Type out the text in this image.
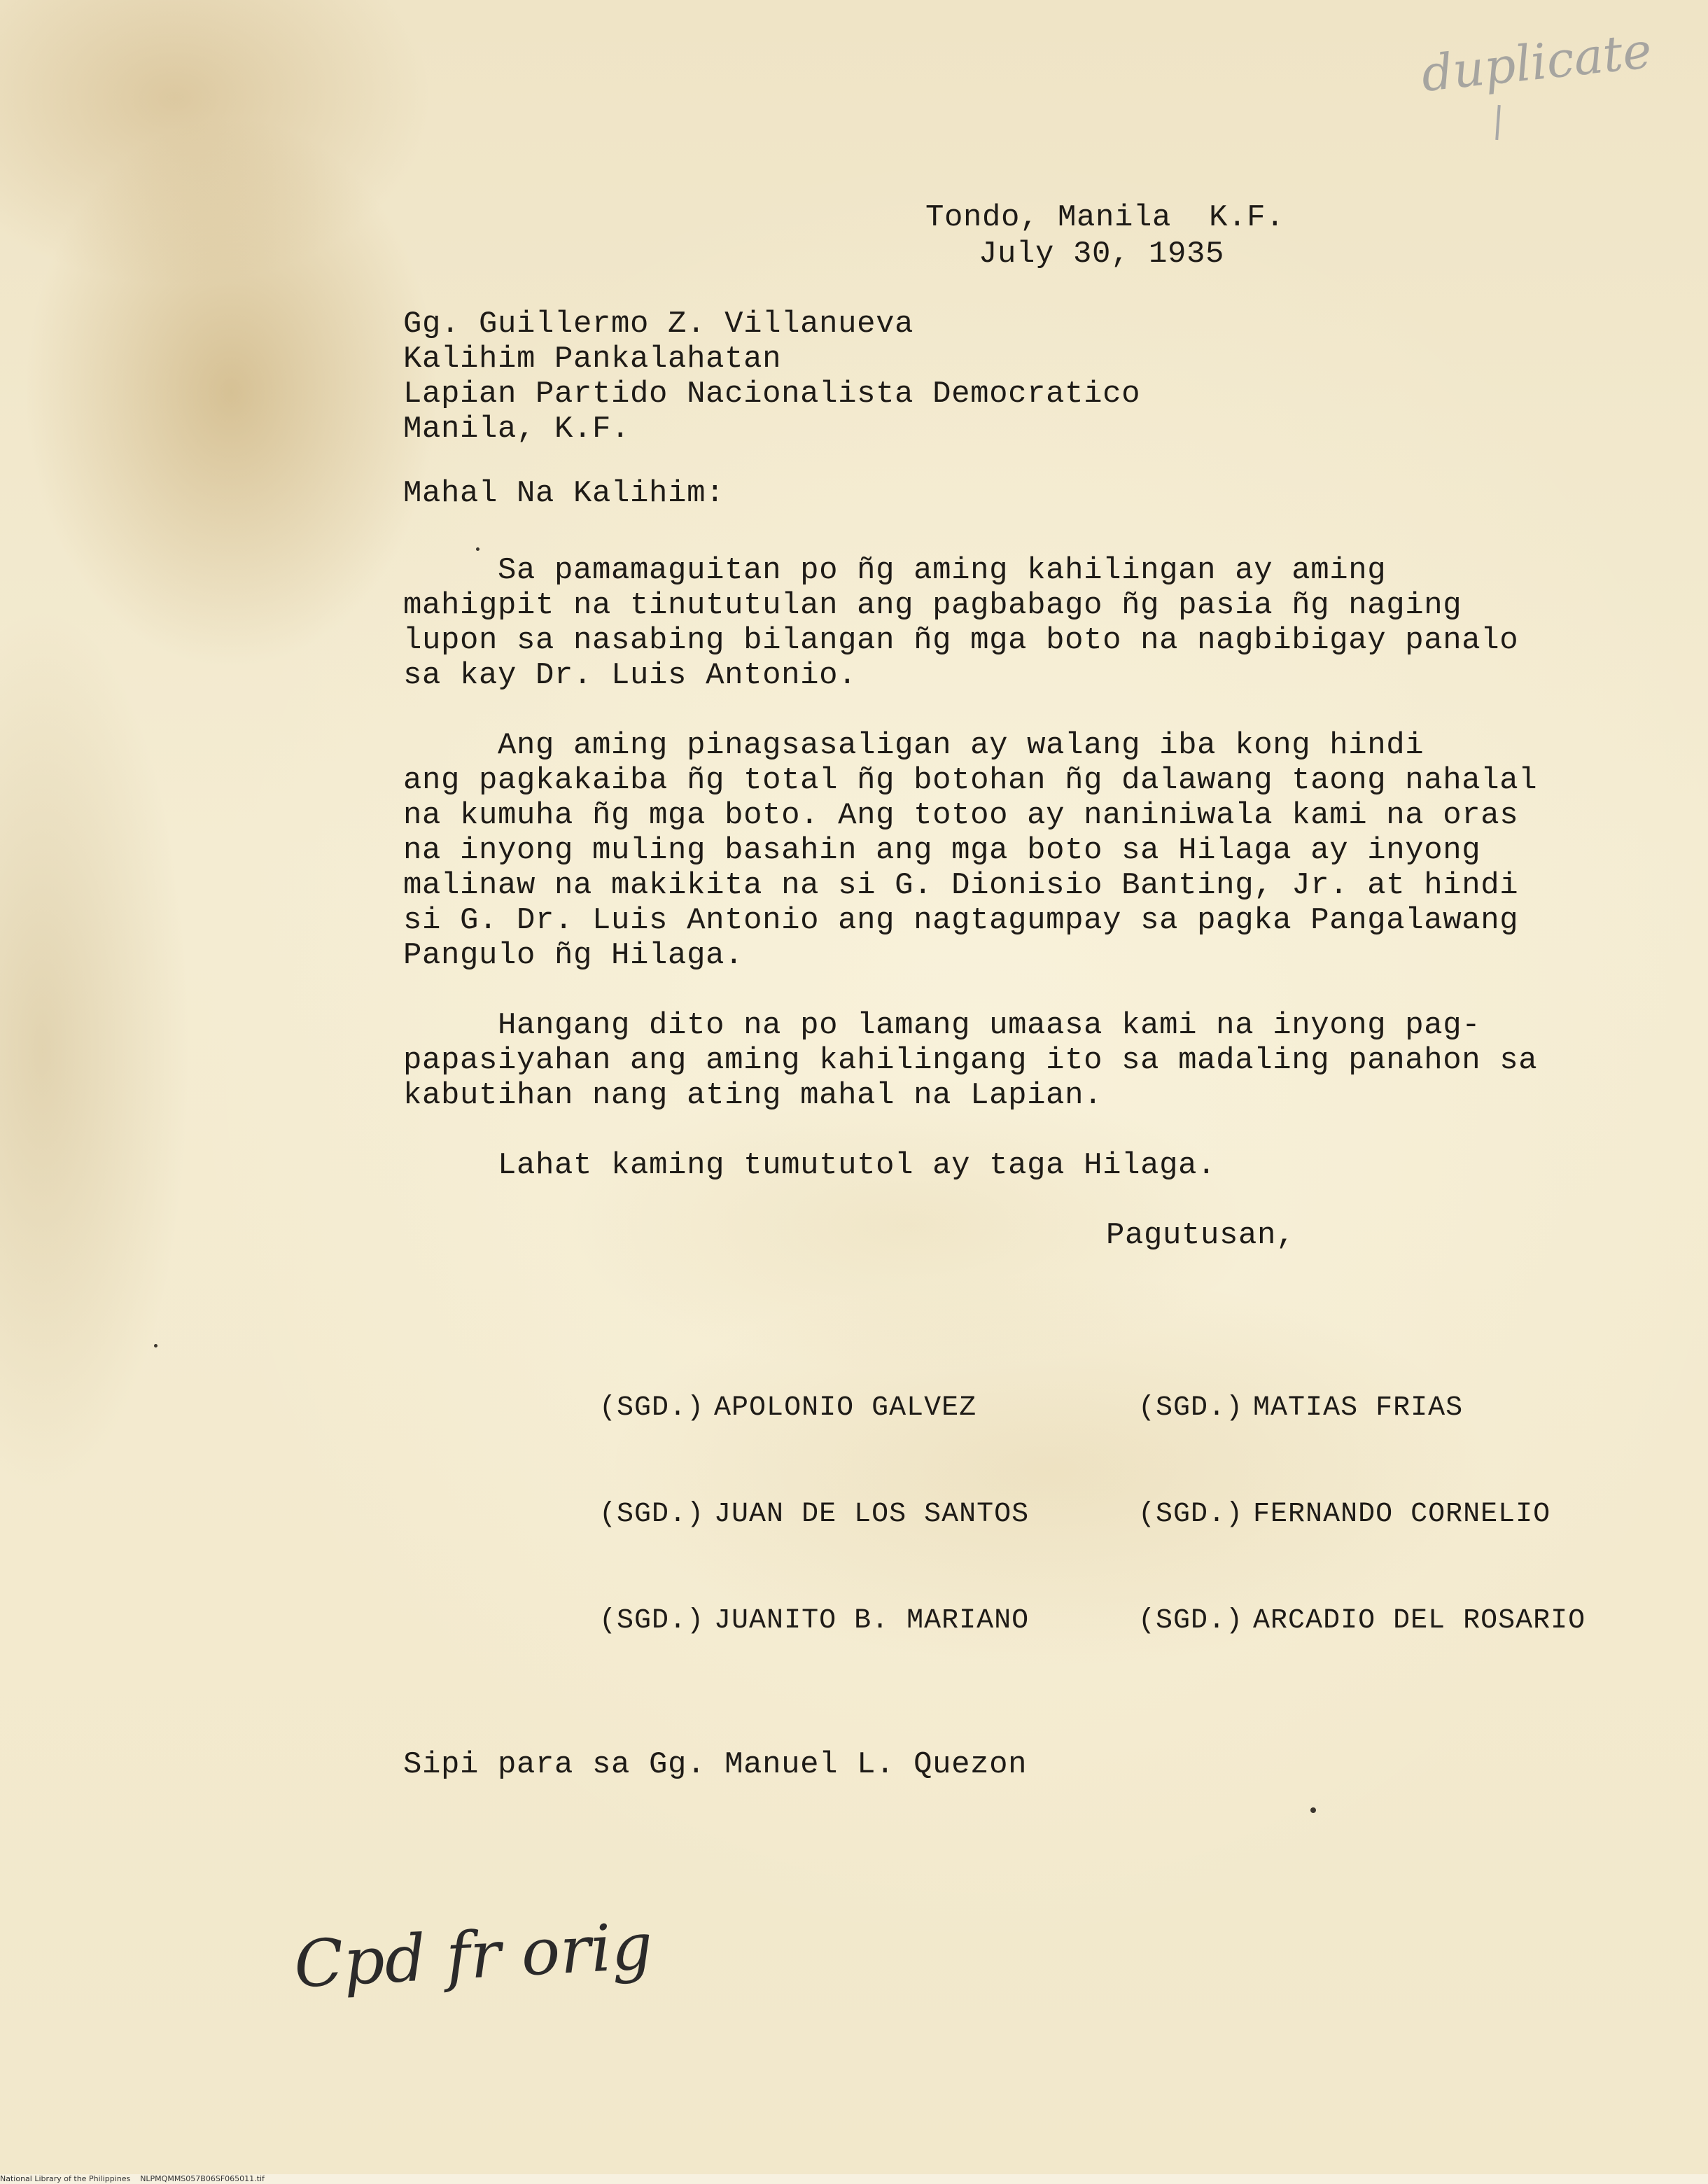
duplicate
Tondo, Manila  K.F.
July 30, 1935
Gg. Guillermo Z. Villanueva
Kalihim Pankalahatan
Lapian Partido Nacionalista Democratico
Manila, K.F.
Mahal Na Kalihim:
Sa pamamaguitan po ñg aming kahilingan ay aming
mahigpit na tinututulan ang pagbabago ñg pasia ñg naging
lupon sa nasabing bilangan ñg mga boto na nagbibigay panalo
sa kay Dr. Luis Antonio.
Ang aming pinagsasaligan ay walang iba kong hindi
ang pagkakaiba ñg total ñg botohan ñg dalawang taong nahalal
na kumuha ñg mga boto. Ang totoo ay naniniwala kami na oras
na inyong muling basahin ang mga boto sa Hilaga ay inyong
malinaw na makikita na si G. Dionisio Banting, Jr. at hindi
si G. Dr. Luis Antonio ang nagtagumpay sa pagka Pangalawang
Pangulo ñg Hilaga.
Hangang dito na po lamang umaasa kami na inyong pag-
papasiyahan ang aming kahilingang ito sa madaling panahon sa
kabutihan nang ating mahal na Lapian.
Lahat kaming tumututol ay taga Hilaga.
Pagutusan,

(SGD.) APOLONIO GALVEZ
	(SGD.) MATIAS FRIAS

(SGD.) JUAN DE LOS SANTOS
	(SGD.) FERNANDO CORNELIO

(SGD.) JUANITO B. MARIANO
	(SGD.) ARCADIO DEL ROSARIO

Sipi para sa Gg. Manuel L. Quezon
Cpd fr orig
National Library of the Philippines    NLPMQMMS057B06SF065011.tif
